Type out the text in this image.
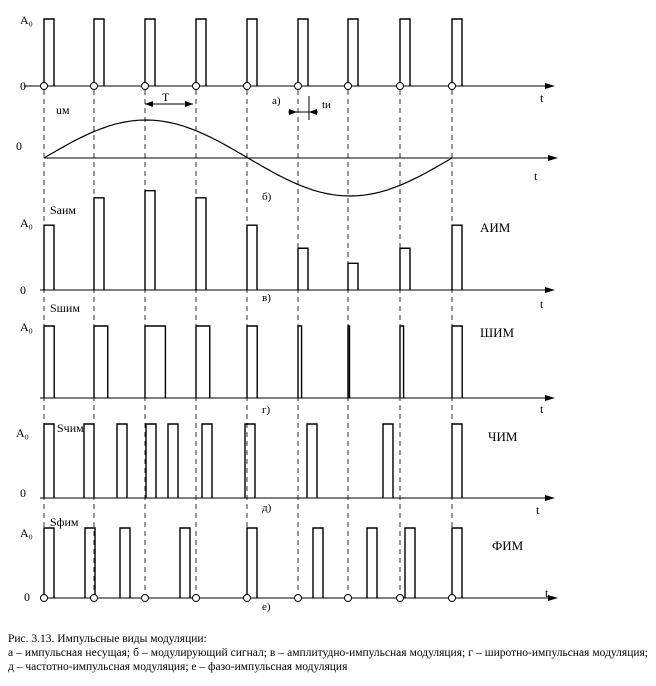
A₀
0
t
а)
T
tи
uм
0
t
б)
Sаим
A₀
0
t
в)
АИМ
Sшим
A₀
t
г)
ШИМ
Sчим
A₀
0
t
д)
ЧИМ
Sфим
A₀
0	t
е)
ФИМ

Рис. 3.13. Импульсные виды модуляции:

а – импульсная несущая; б – модулирующий сигнал; в – амплитудно-импульсная модуляция; г – широтно-импульсная модуляция; д – частотно-импульсная модуляция; е – фазо-импульсная модуляция
